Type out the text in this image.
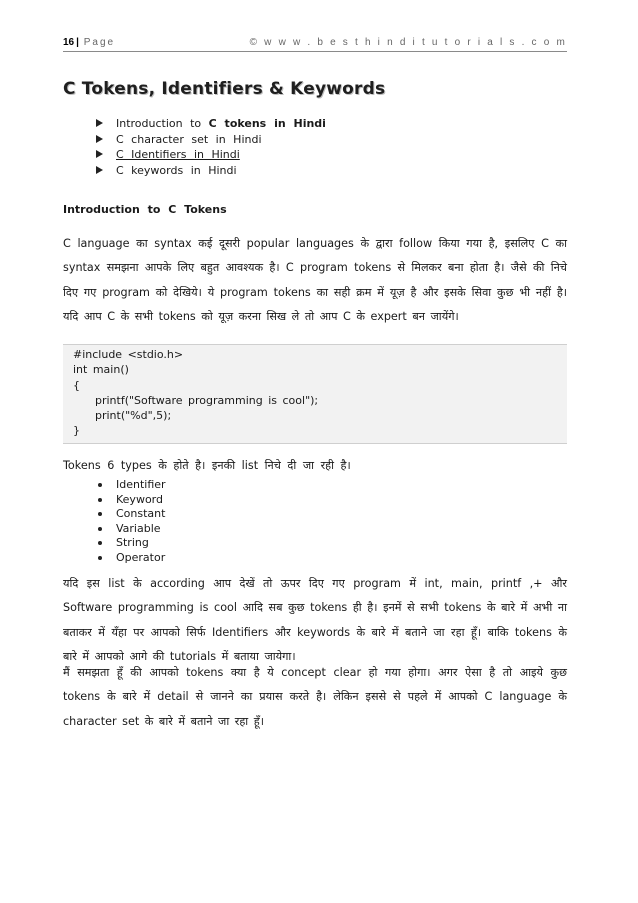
16 | Page	© w w w . b e s t h i n d i t u t o r i a l s . c o m
C Tokens, Identifiers & Keywords
Introduction to C tokens in Hindi
C character set in Hindi
C Identifiers in Hindi
C keywords in Hindi
Introduction to C Tokens
C language का syntax कई दूसरी popular languages के द्वारा follow किया गया है, इसलिए C का syntax समझना आपके लिए बहुत आवश्यक है। C program tokens से मिलकर बना होता है। जैसे की निचे दिए गए program को देखिये। ये program tokens का सही क्रम में यूज़ है और इसके सिवा कुछ भी नहीं है। यदि आप C के सभी tokens को यूज़ करना सिख ले तो आप C के expert बन जायेंगे।
#include <stdio.h>
int main()
{
printf("Software programming is cool");
print("%d",5);
}
Tokens 6 types के होते है। इनकी list निचे दी जा रही है।
Identifier
Keyword
Constant
Variable
String
Operator
यदि इस list के according आप देखें तो ऊपर दिए गए program में int, main, printf ,+ और Software programming is cool आदि सब कुछ tokens ही है। इनमें से सभी tokens के बारे में अभी ना बताकर में यँहा पर आपको सिर्फ Identifiers और keywords के बारे में बताने जा रहा हूँ। बाकि tokens के बारे में आपको आगे की tutorials में बताया जायेगा।
मैं समझता हूँ की आपको tokens क्या है ये concept clear हो गया होगा। अगर ऐसा है तो आइये कुछ tokens के बारे में detail से जानने का प्रयास करते है। लेकिन इससे से पहले में आपको C language के character set के बारे में बताने जा रहा हूँ।
